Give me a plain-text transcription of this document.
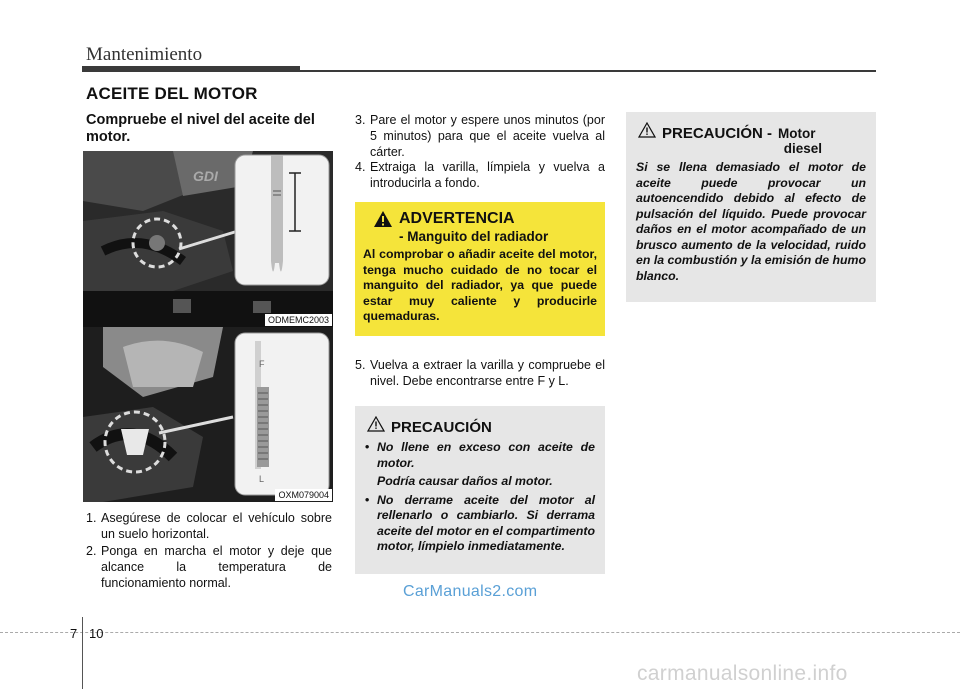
Mantenimiento
ACEITE DEL MOTOR
Compruebe el nivel del aceite del motor.
GDI
ODMEMC2003
F
L
OXM079004
1. Asegúrese de colocar el vehículo sobre un suelo horizontal.
2. Ponga en marcha el motor y deje que alcance la temperatura de funcionamiento normal.
3. Pare el motor y espere unos minutos (por 5 minutos) para que el aceite vuelva al cárter.
4. Extraiga la varilla, límpiela y vuelva a introducirla a fondo.
ADVERTENCIA
- Manguito del radiador
Al comprobar o añadir aceite del motor, tenga mucho cuidado de no tocar el manguito del radiador, ya que puede estar muy caliente y producirle quemaduras.
5. Vuelva a extraer la varilla y compruebe el nivel. Debe encontrarse entre F y L.
PRECAUCIÓN
• No llene en exceso con aceite de motor.
Podría causar daños al motor.
• No derrame aceite del motor al rellenarlo o cambiarlo. Si derrama aceite del motor en el compartimento motor, límpielo inmediatamente.
PRECAUCIÓN - Motor
diesel
Si se llena demasiado el motor de aceite puede provocar un autoencendido debido al efecto de pulsación del líquido. Puede provocar daños en el motor acompañado de un brusco aumento de la velocidad, ruido en la combustión y la emisión de humo blanco.
CarManuals2.com
7 10
carmanualsonline.info
